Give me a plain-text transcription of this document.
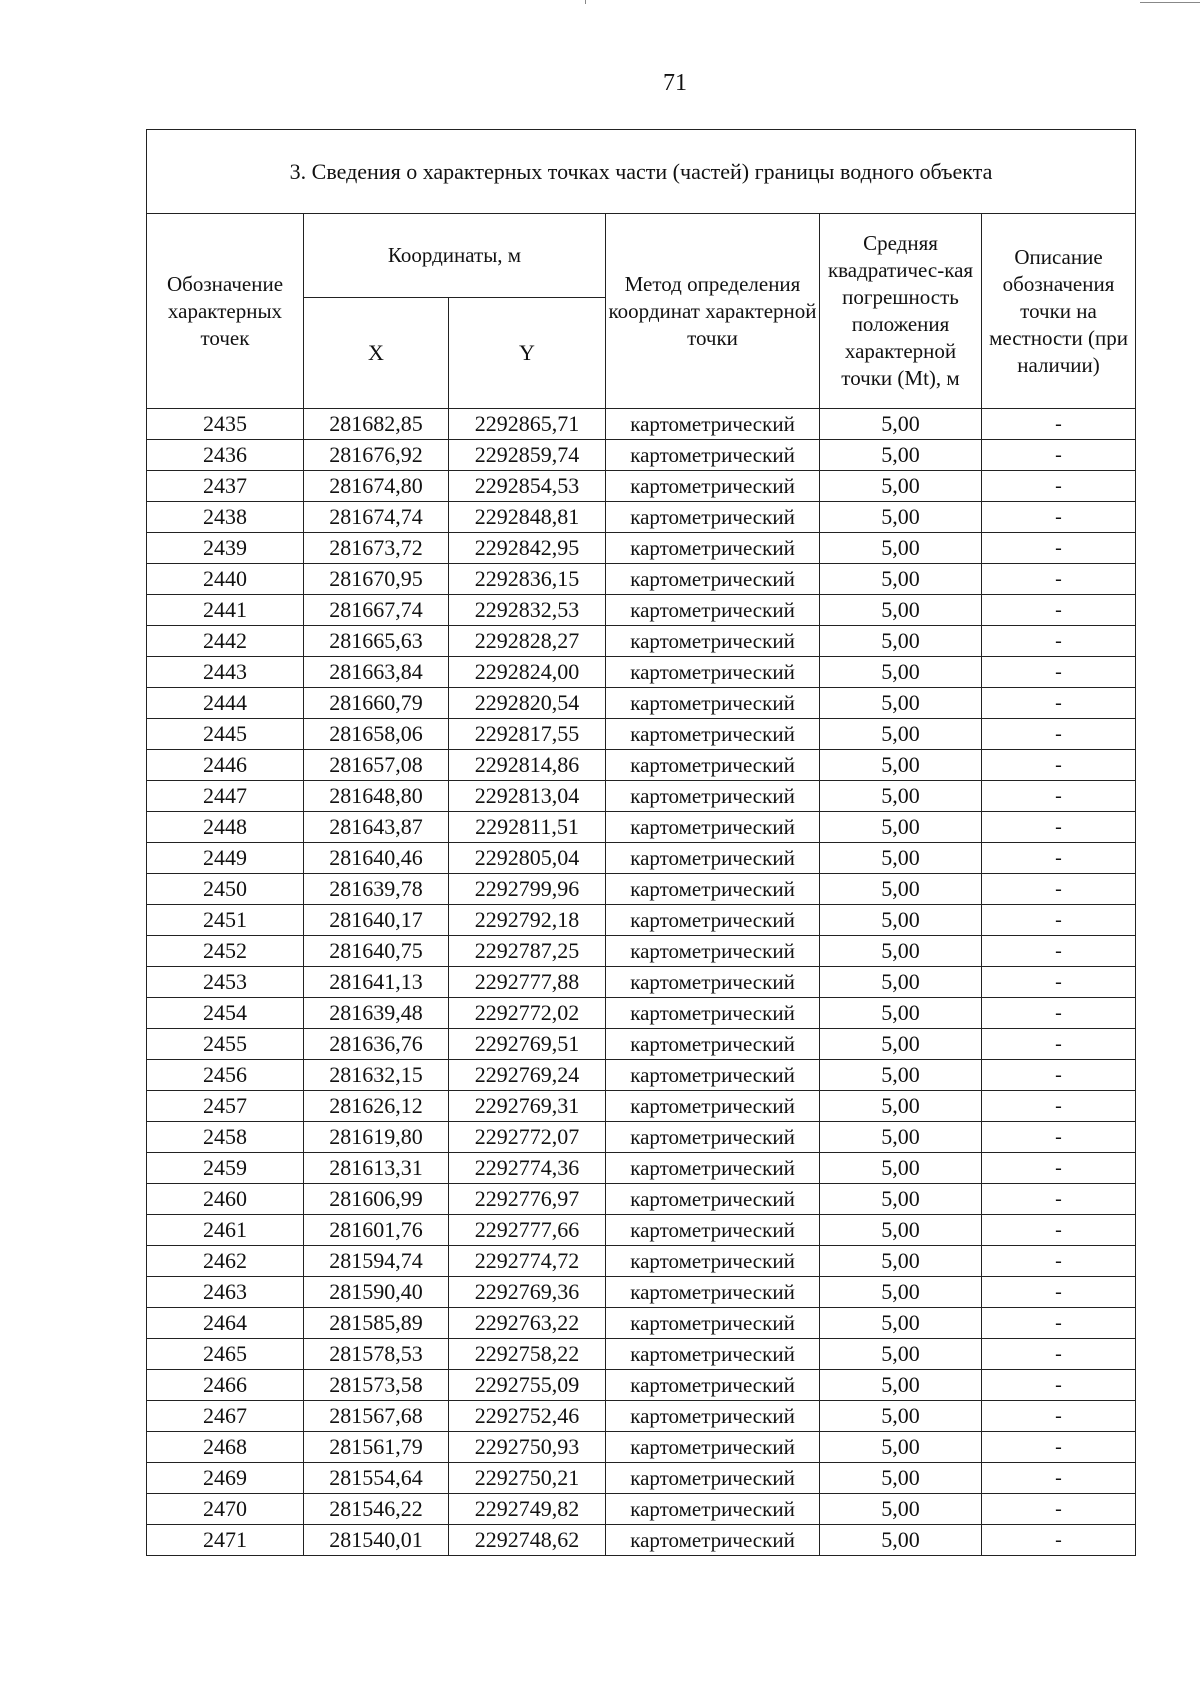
71
3. Сведения о характерных точках части (частей) границы водного объекта					
Обозначение характерных точек	Координаты, м		Метод определения координат характерной точки	Средняя квадратичес-кая погрешность положения характерной точки (Mt), м	Описание обозначения точки на местности (при наличии)
	X	Y			
2435	281682,85	2292865,71	картометрический	5,00	-
2436	281676,92	2292859,74	картометрический	5,00	-
2437	281674,80	2292854,53	картометрический	5,00	-
2438	281674,74	2292848,81	картометрический	5,00	-
2439	281673,72	2292842,95	картометрический	5,00	-
2440	281670,95	2292836,15	картометрический	5,00	-
2441	281667,74	2292832,53	картометрический	5,00	-
2442	281665,63	2292828,27	картометрический	5,00	-
2443	281663,84	2292824,00	картометрический	5,00	-
2444	281660,79	2292820,54	картометрический	5,00	-
2445	281658,06	2292817,55	картометрический	5,00	-
2446	281657,08	2292814,86	картометрический	5,00	-
2447	281648,80	2292813,04	картометрический	5,00	-
2448	281643,87	2292811,51	картометрический	5,00	-
2449	281640,46	2292805,04	картометрический	5,00	-
2450	281639,78	2292799,96	картометрический	5,00	-
2451	281640,17	2292792,18	картометрический	5,00	-
2452	281640,75	2292787,25	картометрический	5,00	-
2453	281641,13	2292777,88	картометрический	5,00	-
2454	281639,48	2292772,02	картометрический	5,00	-
2455	281636,76	2292769,51	картометрический	5,00	-
2456	281632,15	2292769,24	картометрический	5,00	-
2457	281626,12	2292769,31	картометрический	5,00	-
2458	281619,80	2292772,07	картометрический	5,00	-
2459	281613,31	2292774,36	картометрический	5,00	-
2460	281606,99	2292776,97	картометрический	5,00	-
2461	281601,76	2292777,66	картометрический	5,00	-
2462	281594,74	2292774,72	картометрический	5,00	-
2463	281590,40	2292769,36	картометрический	5,00	-
2464	281585,89	2292763,22	картометрический	5,00	-
2465	281578,53	2292758,22	картометрический	5,00	-
2466	281573,58	2292755,09	картометрический	5,00	-
2467	281567,68	2292752,46	картометрический	5,00	-
2468	281561,79	2292750,93	картометрический	5,00	-
2469	281554,64	2292750,21	картометрический	5,00	-
2470	281546,22	2292749,82	картометрический	5,00	-
2471	281540,01	2292748,62	картометрический	5,00	-
